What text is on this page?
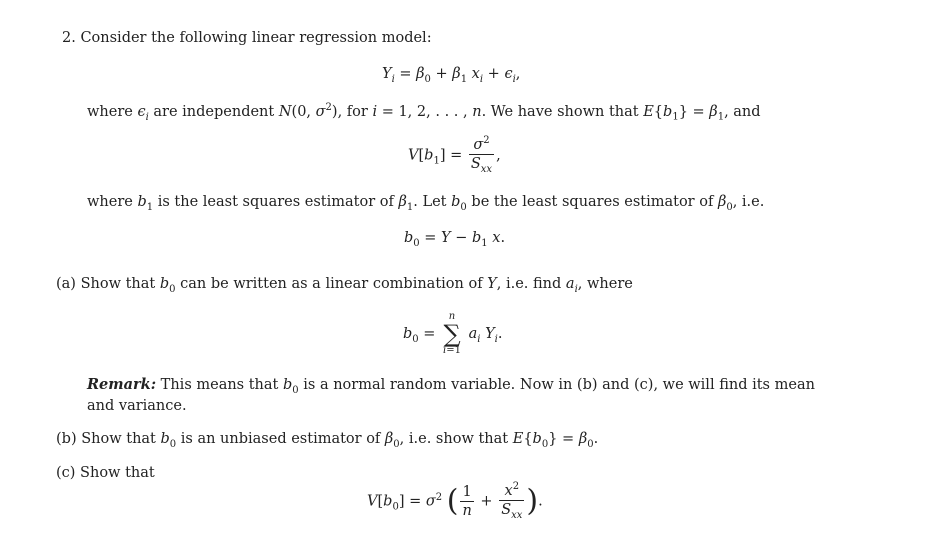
2. Consider the following linear regression model:
$Y_i = \beta_0 + \beta_1$ $x_i + \epsilon_i$,
where $\epsilon_i$ are independent N(0, $\sigma^2$), for i = 1, 2, . . . , n. We have shown that $E\{b_1\} = \beta_1$, and
$V[b_1] = \frac{\sigma^2}{S_{xx}}$ ,
where $b_1$ is the least squares estimator of $\beta_1$. Let $b_0$ be the least squares estimator of $\beta_0$, i.e.
$b_0 = Y - b_1$ x.
(a) Show that $b_0$ can be written as a linear combination of Y, i.e. find $a_i$, where
$b_0 = n$
∑
i=1 $a_i$ $Y_i$.
Remark: This means that $b_0$ is a normal random variable. Now in (b) and (c), we will find its mean
and variance.
(b) Show that $b_0$ is an unbiased estimator of $\beta_0$, i.e. show that $E\{b_0\} = \beta_0$.
(c) Show that
$V[b_0] = \sigma^2$ ( $\frac{1}{n} + \frac{x^2}{S_{xx}}$ ).
